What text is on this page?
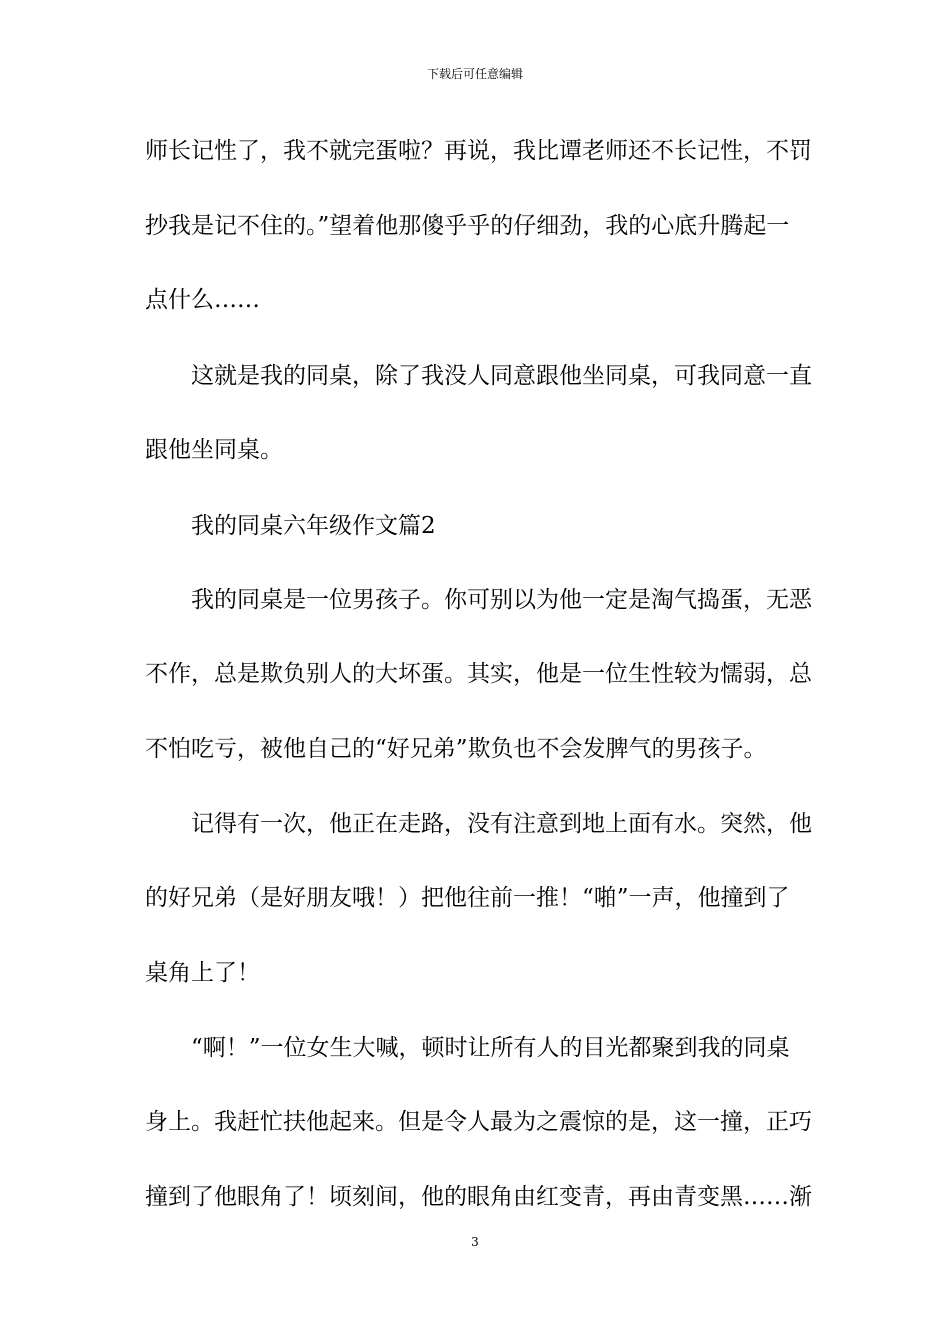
下载后可任意编辑
师长记性了，我不就完蛋啦？再说，我比谭老师还不长记性，不罚
抄我是记不住的。”望着他那傻乎乎的仔细劲，我的心底升腾起一
点什么……
这就是我的同桌，除了我没人同意跟他坐同桌，可我同意一直
跟他坐同桌。
我的同桌六年级作文篇2
我的同桌是一位男孩子。你可别以为他一定是淘气捣蛋，无恶
不作，总是欺负别人的大坏蛋。其实，他是一位生性较为懦弱，总
不怕吃亏，被他自己的“好兄弟”欺负也不会发脾气的男孩子。
记得有一次，他正在走路，没有注意到地上面有水。突然，他
的好兄弟（是好朋友哦！）把他往前一推！“啪”一声，他撞到了
桌角上了！
“啊！”一位女生大喊，顿时让所有人的目光都聚到我的同桌
身上。我赶忙扶他起来。但是令人最为之震惊的是，这一撞，正巧
撞到了他眼角了！顷刻间，他的眼角由红变青，再由青变黑……渐
3
